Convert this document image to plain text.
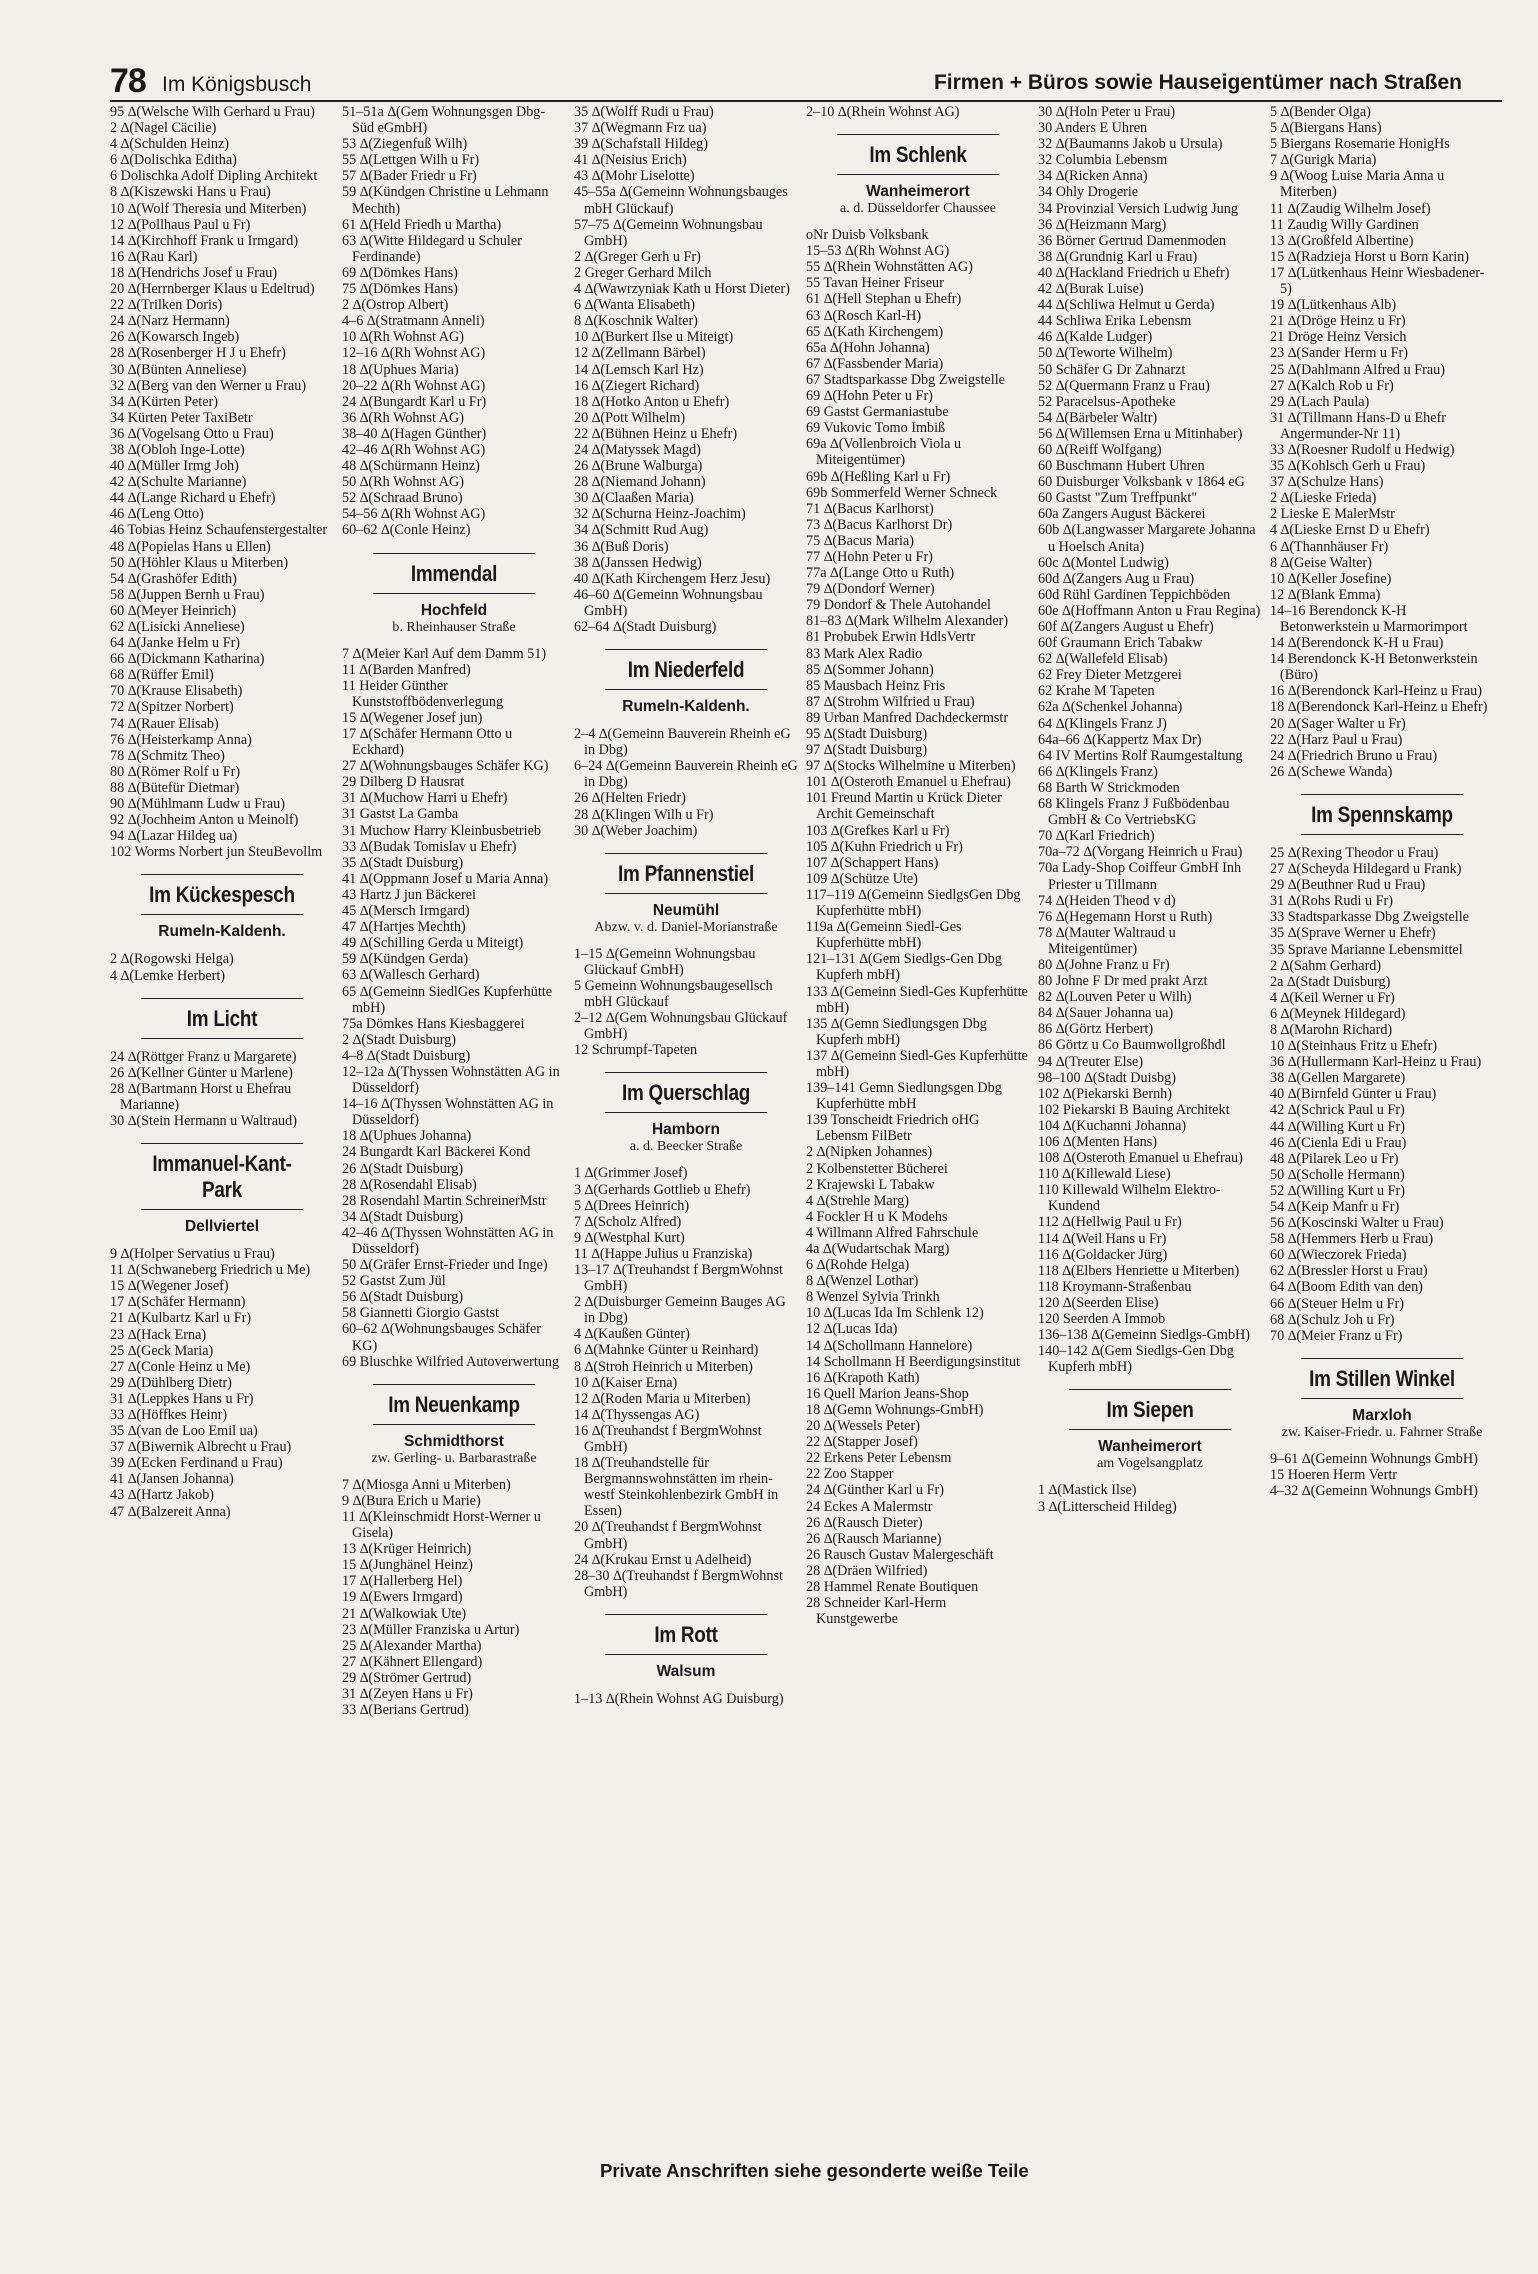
78 Im Königsbusch	Firmen + Büros sowie Hauseigentümer nach Straßen
95 ∆(Welsche Wilh Gerhard u Frau)
2 ∆(Nagel Cäcilie)
4 ∆(Schulden Heinz)
6 ∆(Dolischka Editha)
6 Dolischka Adolf Dipling Architekt
8 ∆(Kiszewski Hans u Frau)
10 ∆(Wolf Theresia und Miterben)
12 ∆(Pollhaus Paul u Fr)
14 ∆(Kirchhoff Frank u Irmgard)
16 ∆(Rau Karl)
18 ∆(Hendrichs Josef u Frau)
20 ∆(Herrnberger Klaus u Edeltrud)
22 ∆(Trilken Doris)
24 ∆(Narz Hermann)
26 ∆(Kowarsch Ingeb)
28 ∆(Rosenberger H J u Ehefr)
30 ∆(Bünten Anneliese)
32 ∆(Berg van den Werner u Frau)
34 ∆(Kürten Peter)
34 Kürten Peter TaxiBetr
36 ∆(Vogelsang Otto u Frau)
38 ∆(Obloh Inge-Lotte)
40 ∆(Müller Irmg Joh)
42 ∆(Schulte Marianne)
44 ∆(Lange Richard u Ehefr)
46 ∆(Leng Otto)
46 Tobias Heinz Schaufenstergestalter
48 ∆(Popielas Hans u Ellen)
50 ∆(Höhler Klaus u Miterben)
54 ∆(Grashöfer Edith)
58 ∆(Juppen Bernh u Frau)
60 ∆(Meyer Heinrich)
62 ∆(Lisicki Anneliese)
64 ∆(Janke Helm u Fr)
66 ∆(Dickmann Katharina)
68 ∆(Rüffer Emil)
70 ∆(Krause Elisabeth)
72 ∆(Spitzer Norbert)
74 ∆(Rauer Elisab)
76 ∆(Heisterkamp Anna)
78 ∆(Schmitz Theo)
80 ∆(Römer Rolf u Fr)
88 ∆(Bütefür Dietmar)
90 ∆(Mühlmann Ludw u Frau)
92 ∆(Jochheim Anton u Meinolf)
94 ∆(Lazar Hildeg ua)
102 Worms Norbert jun SteuBevollm
Im Kückespesch
Rumeln-Kaldenh.
2 ∆(Rogowski Helga)
4 ∆(Lemke Herbert)
Im Licht
24 ∆(Röttger Franz u Margarete)
26 ∆(Kellner Günter u Marlene)
28 ∆(Bartmann Horst u Ehefrau Marianne)
30 ∆(Stein Hermann u Waltraud)
Immanuel-Kant-Park
Dellviertel
9 ∆(Holper Servatius u Frau)
11 ∆(Schwaneberg Friedrich u Me)
15 ∆(Wegener Josef)
17 ∆(Schäfer Hermann)
21 ∆(Kulbartz Karl u Fr)
23 ∆(Hack Erna)
25 ∆(Geck Maria)
27 ∆(Conle Heinz u Me)
29 ∆(Dühlberg Dietr)
31 ∆(Leppkes Hans u Fr)
33 ∆(Höffkes Heinr)
35 ∆(van de Loo Emil ua)
37 ∆(Biwernik Albrecht u Frau)
39 ∆(Ecken Ferdinand u Frau)
41 ∆(Jansen Johanna)
43 ∆(Hartz Jakob)
47 ∆(Balzereit Anna)
51–51a ∆(Gem Wohnungsgen Dbg-Süd eGmbH)
53 ∆(Ziegenfuß Wilh)
55 ∆(Lettgen Wilh u Fr)
57 ∆(Bader Friedr u Fr)
59 ∆(Kündgen Christine u Lehmann Mechth)
61 ∆(Held Friedh u Martha)
63 ∆(Witte Hildegard u Schuler Ferdinande)
69 ∆(Dömkes Hans)
75 ∆(Dömkes Hans)
2 ∆(Ostrop Albert)
4–6 ∆(Stratmann Anneli)
10 ∆(Rh Wohnst AG)
12–16 ∆(Rh Wohnst AG)
18 ∆(Uphues Maria)
20–22 ∆(Rh Wohnst AG)
24 ∆(Bungardt Karl u Fr)
36 ∆(Rh Wohnst AG)
38–40 ∆(Hagen Günther)
42–46 ∆(Rh Wohnst AG)
48 ∆(Schürmann Heinz)
50 ∆(Rh Wohnst AG)
52 ∆(Schraad Bruno)
54–56 ∆(Rh Wohnst AG)
60–62 ∆(Conle Heinz)
Immendal
Hochfeld
b. Rheinhauser Straße
7 ∆(Meier Karl Auf dem Damm 51)
11 ∆(Barden Manfred)
11 Heider Günther Kunststoffbödenverlegung
15 ∆(Wegener Josef jun)
17 ∆(Schäfer Hermann Otto u Eckhard)
27 ∆(Wohnungsbauges Schäfer KG)
29 Dilberg D Hausrat
31 ∆(Muchow Harri u Ehefr)
31 Gastst La Gamba
31 Muchow Harry Kleinbusbetrieb
33 ∆(Budak Tomislav u Ehefr)
35 ∆(Stadt Duisburg)
41 ∆(Oppmann Josef u Maria Anna)
43 Hartz J jun Bäckerei
45 ∆(Mersch Irmgard)
47 ∆(Hartjes Mechth)
49 ∆(Schilling Gerda u Miteigt)
59 ∆(Kündgen Gerda)
63 ∆(Wallesch Gerhard)
65 ∆(Gemeinn SiedlGes Kupferhütte mbH)
75a Dömkes Hans Kiesbaggerei
2 ∆(Stadt Duisburg)
4–8 ∆(Stadt Duisburg)
12–12a ∆(Thyssen Wohnstätten AG in Düsseldorf)
14–16 ∆(Thyssen Wohnstätten AG in Düsseldorf)
18 ∆(Uphues Johanna)
24 Bungardt Karl Bäckerei Kond
26 ∆(Stadt Duisburg)
28 ∆(Rosendahl Elisab)
28 Rosendahl Martin SchreinerMstr
34 ∆(Stadt Duisburg)
42–46 ∆(Thyssen Wohnstätten AG in Düsseldorf)
50 ∆(Gräfer Ernst-Frieder und Inge)
52 Gastst Zum Jül
56 ∆(Stadt Duisburg)
58 Giannetti Giorgio Gastst
60–62 ∆(Wohnungsbauges Schäfer KG)
69 Bluschke Wilfried Autoverwertung
Im Neuenkamp
Schmidthorst
zw. Gerling- u. Barbarastraße
7 ∆(Miosga Anni u Miterben)
9 ∆(Bura Erich u Marie)
11 ∆(Kleinschmidt Horst-Werner u Gisela)
13 ∆(Krüger Heinrich)
15 ∆(Junghänel Heinz)
17 ∆(Hallerberg Hel)
19 ∆(Ewers Irmgard)
21 ∆(Walkowiak Ute)
23 ∆(Müller Franziska u Artur)
25 ∆(Alexander Martha)
27 ∆(Kähnert Ellengard)
29 ∆(Strömer Gertrud)
31 ∆(Zeyen Hans u Fr)
33 ∆(Berians Gertrud)
35 ∆(Wolff Rudi u Frau)
37 ∆(Wegmann Frz ua)
39 ∆(Schafstall Hildeg)
41 ∆(Neisius Erich)
43 ∆(Mohr Liselotte)
45–55a ∆(Gemeinn Wohnungsbauges mbH Glückauf)
57–75 ∆(Gemeinn Wohnungsbau GmbH)
2 ∆(Greger Gerh u Fr)
2 Greger Gerhard Milch
4 ∆(Wawrzyniak Kath u Horst Dieter)
6 ∆(Wanta Elisabeth)
8 ∆(Koschnik Walter)
10 ∆(Burkert Ilse u Miteigt)
12 ∆(Zellmann Bärbel)
14 ∆(Lemsch Karl Hz)
16 ∆(Ziegert Richard)
18 ∆(Hotko Anton u Ehefr)
20 ∆(Pott Wilhelm)
22 ∆(Bühnen Heinz u Ehefr)
24 ∆(Matyssek Magd)
26 ∆(Brune Walburga)
28 ∆(Niemand Johann)
30 ∆(Claaßen Maria)
32 ∆(Schurna Heinz-Joachim)
34 ∆(Schmitt Rud Aug)
36 ∆(Buß Doris)
38 ∆(Janssen Hedwig)
40 ∆(Kath Kirchengem Herz Jesu)
46–60 ∆(Gemeinn Wohnungsbau GmbH)
62–64 ∆(Stadt Duisburg)
Im Niederfeld
Rumeln-Kaldenh.
2–4 ∆(Gemeinn Bauverein Rheinh eG in Dbg)
6–24 ∆(Gemeinn Bauverein Rheinh eG in Dbg)
26 ∆(Helten Friedr)
28 ∆(Klingen Wilh u Fr)
30 ∆(Weber Joachim)
Im Pfannenstiel
Neumühl
Abzw. v. d. Daniel-Morianstraße
1–15 ∆(Gemeinn Wohnungsbau Glückauf GmbH)
5 Gemeinn Wohnungsbaugesellsch mbH Glückauf
2–12 ∆(Gem Wohnungsbau Glückauf GmbH)
12 Schrumpf-Tapeten
Im Querschlag
Hamborn
a. d. Beecker Straße
1 ∆(Grimmer Josef)
3 ∆(Gerhards Gottlieb u Ehefr)
5 ∆(Drees Heinrich)
7 ∆(Scholz Alfred)
9 ∆(Westphal Kurt)
11 ∆(Happe Julius u Franziska)
13–17 ∆(Treuhandst f BergmWohnst GmbH)
2 ∆(Duisburger Gemeinn Bauges AG in Dbg)
4 ∆(Kaußen Günter)
6 ∆(Mahnke Günter u Reinhard)
8 ∆(Stroh Heinrich u Miterben)
10 ∆(Kaiser Erna)
12 ∆(Roden Maria u Miterben)
14 ∆(Thyssengas AG)
16 ∆(Treuhandst f BergmWohnst GmbH)
18 ∆(Treuhandstelle für Bergmannswohnstätten im rhein-westf Steinkohlenbezirk GmbH in Essen)
20 ∆(Treuhandst f BergmWohnst GmbH)
24 ∆(Krukau Ernst u Adelheid)
28–30 ∆(Treuhandst f BergmWohnst GmbH)
Im Rott
Walsum
1–13 ∆(Rhein Wohnst AG Duisburg)
2–10 ∆(Rhein Wohnst AG)
Im Schlenk
Wanheimerort
a. d. Düsseldorfer Chaussee
oNr Duisb Volksbank
15–53 ∆(Rh Wohnst AG)
55 ∆(Rhein Wohnstätten AG)
55 Tavan Heiner Friseur
61 ∆(Hell Stephan u Ehefr)
63 ∆(Rosch Karl-H)
65 ∆(Kath Kirchengem)
65a ∆(Hohn Johanna)
67 ∆(Fassbender Maria)
67 Stadtsparkasse Dbg Zweigstelle
69 ∆(Hohn Peter u Fr)
69 Gastst Germaniastube
69 Vukovic Tomo Imbiß
69a ∆(Vollenbroich Viola u Miteigentümer)
69b ∆(Heßling Karl u Fr)
69b Sommerfeld Werner Schneck
71 ∆(Bacus Karlhorst)
73 ∆(Bacus Karlhorst Dr)
75 ∆(Bacus Maria)
77 ∆(Hohn Peter u Fr)
77a ∆(Lange Otto u Ruth)
79 ∆(Dondorf Werner)
79 Dondorf & Thele Autohandel
81–83 ∆(Mark Wilhelm Alexander)
81 Probubek Erwin HdlsVertr
83 Mark Alex Radio
85 ∆(Sommer Johann)
85 Mausbach Heinz Fris
87 ∆(Strohm Wilfried u Frau)
89 Urban Manfred Dachdeckermstr
95 ∆(Stadt Duisburg)
97 ∆(Stadt Duisburg)
97 ∆(Stocks Wilhelmine u Miterben)
101 ∆(Osteroth Emanuel u Ehefrau)
101 Freund Martin u Krück Dieter Archit Gemeinschaft
103 ∆(Grefkes Karl u Fr)
105 ∆(Kuhn Friedrich u Fr)
107 ∆(Schappert Hans)
109 ∆(Schütze Ute)
117–119 ∆(Gemeinn SiedlgsGen Dbg Kupferhütte mbH)
119a ∆(Gemeinn Siedl-Ges Kupferhütte mbH)
121–131 ∆(Gem Siedlgs-Gen Dbg Kupferh mbH)
133 ∆(Gemeinn Siedl-Ges Kupferhütte mbH)
135 ∆(Gemn Siedlungsgen Dbg Kupferh mbH)
137 ∆(Gemeinn Siedl-Ges Kupferhütte mbH)
139–141 Gemn Siedlungsgen Dbg Kupferhütte mbH
139 Tonscheidt Friedrich oHG Lebensm FilBetr
2 ∆(Nipken Johannes)
2 Kolbenstetter Bücherei
2 Krajewski L Tabakw
4 ∆(Strehle Marg)
4 Fockler H u K Modehs
4 Willmann Alfred Fahrschule
4a ∆(Wudartschak Marg)
6 ∆(Rohde Helga)
8 ∆(Wenzel Lothar)
8 Wenzel Sylvia Trinkh
10 ∆(Lucas Ida Im Schlenk 12)
12 ∆(Lucas Ida)
14 ∆(Schollmann Hannelore)
14 Schollmann H Beerdigungsinstitut
16 ∆(Krapoth Kath)
16 Quell Marion Jeans-Shop
18 ∆(Gemn Wohnungs-GmbH)
20 ∆(Wessels Peter)
22 ∆(Stapper Josef)
22 Erkens Peter Lebensm
22 Zoo Stapper
24 ∆(Günther Karl u Fr)
24 Eckes A Malermstr
26 ∆(Rausch Dieter)
26 ∆(Rausch Marianne)
26 Rausch Gustav Malergeschäft
28 ∆(Dräen Wilfried)
28 Hammel Renate Boutiquen
28 Schneider Karl-Herm Kunstgewerbe
30 ∆(Holn Peter u Frau)
30 Anders E Uhren
32 ∆(Baumanns Jakob u Ursula)
32 Columbia Lebensm
34 ∆(Ricken Anna)
34 Ohly Drogerie
34 Provinzial Versich Ludwig Jung
36 ∆(Heizmann Marg)
36 Börner Gertrud Damenmoden
38 ∆(Grundnig Karl u Frau)
40 ∆(Hackland Friedrich u Ehefr)
42 ∆(Burak Luise)
44 ∆(Schliwa Helmut u Gerda)
44 Schliwa Erika Lebensm
46 ∆(Kalde Ludger)
50 ∆(Teworte Wilhelm)
50 Schäfer G Dr Zahnarzt
52 ∆(Quermann Franz u Frau)
52 Paracelsus-Apotheke
54 ∆(Bärbeler Waltr)
56 ∆(Willemsen Erna u Mitinhaber)
60 ∆(Reiff Wolfgang)
60 Buschmann Hubert Uhren
60 Duisburger Volksbank v 1864 eG
60 Gastst "Zum Treffpunkt"
60a Zangers August Bäckerei
60b ∆(Langwasser Margarete Johanna u Hoelsch Anita)
60c ∆(Montel Ludwig)
60d ∆(Zangers Aug u Frau)
60d Rühl Gardinen Teppichböden
60e ∆(Hoffmann Anton u Frau Regina)
60f ∆(Zangers August u Ehefr)
60f Graumann Erich Tabakw
62 ∆(Wallefeld Elisab)
62 Frey Dieter Metzgerei
62 Krahe M Tapeten
62a ∆(Schenkel Johanna)
64 ∆(Klingels Franz J)
64a–66 ∆(Kappertz Max Dr)
64 IV Mertins Rolf Raumgestaltung
66 ∆(Klingels Franz)
68 Barth W Strickmoden
68 Klingels Franz J Fußbödenbau GmbH & Co VertriebsKG
70 ∆(Karl Friedrich)
70a–72 ∆(Vorgang Heinrich u Frau)
70a Lady-Shop Coiffeur GmbH Inh Priester u Tillmann
74 ∆(Heiden Theod v d)
76 ∆(Hegemann Horst u Ruth)
78 ∆(Mauter Waltraud u Miteigentümer)
80 ∆(Johne Franz u Fr)
80 Johne F Dr med prakt Arzt
82 ∆(Louven Peter u Wilh)
84 ∆(Sauer Johanna ua)
86 ∆(Görtz Herbert)
86 Görtz u Co Baumwollgroßhdl
94 ∆(Treuter Else)
98–100 ∆(Stadt Duisbg)
102 ∆(Piekarski Bernh)
102 Piekarski B Bauing Architekt
104 ∆(Kuchanni Johanna)
106 ∆(Menten Hans)
108 ∆(Osteroth Emanuel u Ehefrau)
110 ∆(Killewald Liese)
110 Killewald Wilhelm Elektro-Kundend
112 ∆(Hellwig Paul u Fr)
114 ∆(Weil Hans u Fr)
116 ∆(Goldacker Jürg)
118 ∆(Elbers Henriette u Miterben)
118 Kroymann-Straßenbau
120 ∆(Seerden Elise)
120 Seerden A Immob
136–138 ∆(Gemeinn Siedlgs-GmbH)
140–142 ∆(Gem Siedlgs-Gen Dbg Kupferh mbH)
Im Siepen
Wanheimerort
am Vogelsangplatz
1 ∆(Mastick Ilse)
3 ∆(Litterscheid Hildeg)
5 ∆(Bender Olga)
5 ∆(Biergans Hans)
5 Biergans Rosemarie HonigHs
7 ∆(Gurigk Maria)
9 ∆(Woog Luise Maria Anna u Miterben)
11 ∆(Zaudig Wilhelm Josef)
11 Zaudig Willy Gardinen
13 ∆(Großfeld Albertine)
15 ∆(Radzieja Horst u Born Karin)
17 ∆(Lütkenhaus Heinr Wiesbadener-5)
19 ∆(Lütkenhaus Alb)
21 ∆(Dröge Heinz u Fr)
21 Dröge Heinz Versich
23 ∆(Sander Herm u Fr)
25 ∆(Dahlmann Alfred u Frau)
27 ∆(Kalch Rob u Fr)
29 ∆(Lach Paula)
31 ∆(Tillmann Hans-D u Ehefr Angermunder-Nr 11)
33 ∆(Roesner Rudolf u Hedwig)
35 ∆(Kohlsch Gerh u Frau)
37 ∆(Schulze Hans)
2 ∆(Lieske Frieda)
2 Lieske E MalerMstr
4 ∆(Lieske Ernst D u Ehefr)
6 ∆(Thannhäuser Fr)
8 ∆(Geise Walter)
10 ∆(Keller Josefine)
12 ∆(Blank Emma)
14–16 Berendonck K-H Betonwerkstein u Marmorimport
14 ∆(Berendonck K-H u Frau)
14 Berendonck K-H Betonwerkstein (Büro)
16 ∆(Berendonck Karl-Heinz u Frau)
18 ∆(Berendonck Karl-Heinz u Ehefr)
20 ∆(Sager Walter u Fr)
22 ∆(Harz Paul u Frau)
24 ∆(Friedrich Bruno u Frau)
26 ∆(Schewe Wanda)
Im Spennskamp
25 ∆(Rexing Theodor u Frau)
27 ∆(Scheyda Hildegard u Frank)
29 ∆(Beuthner Rud u Frau)
31 ∆(Rohs Rudi u Fr)
33 Stadtsparkasse Dbg Zweigstelle
35 ∆(Sprave Werner u Ehefr)
35 Sprave Marianne Lebensmittel
2 ∆(Sahm Gerhard)
2a ∆(Stadt Duisburg)
4 ∆(Keil Werner u Fr)
6 ∆(Meynek Hildegard)
8 ∆(Marohn Richard)
10 ∆(Steinhaus Fritz u Ehefr)
36 ∆(Hullermann Karl-Heinz u Frau)
38 ∆(Gellen Margarete)
40 ∆(Birnfeld Günter u Frau)
42 ∆(Schrick Paul u Fr)
44 ∆(Willing Kurt u Fr)
46 ∆(Cienla Edi u Frau)
48 ∆(Pilarek Leo u Fr)
50 ∆(Scholle Hermann)
52 ∆(Willing Kurt u Fr)
54 ∆(Keip Manfr u Fr)
56 ∆(Koscinski Walter u Frau)
58 ∆(Hemmers Herb u Frau)
60 ∆(Wieczorek Frieda)
62 ∆(Bressler Horst u Frau)
64 ∆(Boom Edith van den)
66 ∆(Steuer Helm u Fr)
68 ∆(Schulz Joh u Fr)
70 ∆(Meier Franz u Fr)
Im Stillen Winkel
Marxloh
zw. Kaiser-Friedr. u. Fahrner Straße
9–61 ∆(Gemeinn Wohnungs GmbH)
15 Hoeren Herm Vertr
4–32 ∆(Gemeinn Wohnungs GmbH)
Private Anschriften siehe gesonderte weiße Teile
